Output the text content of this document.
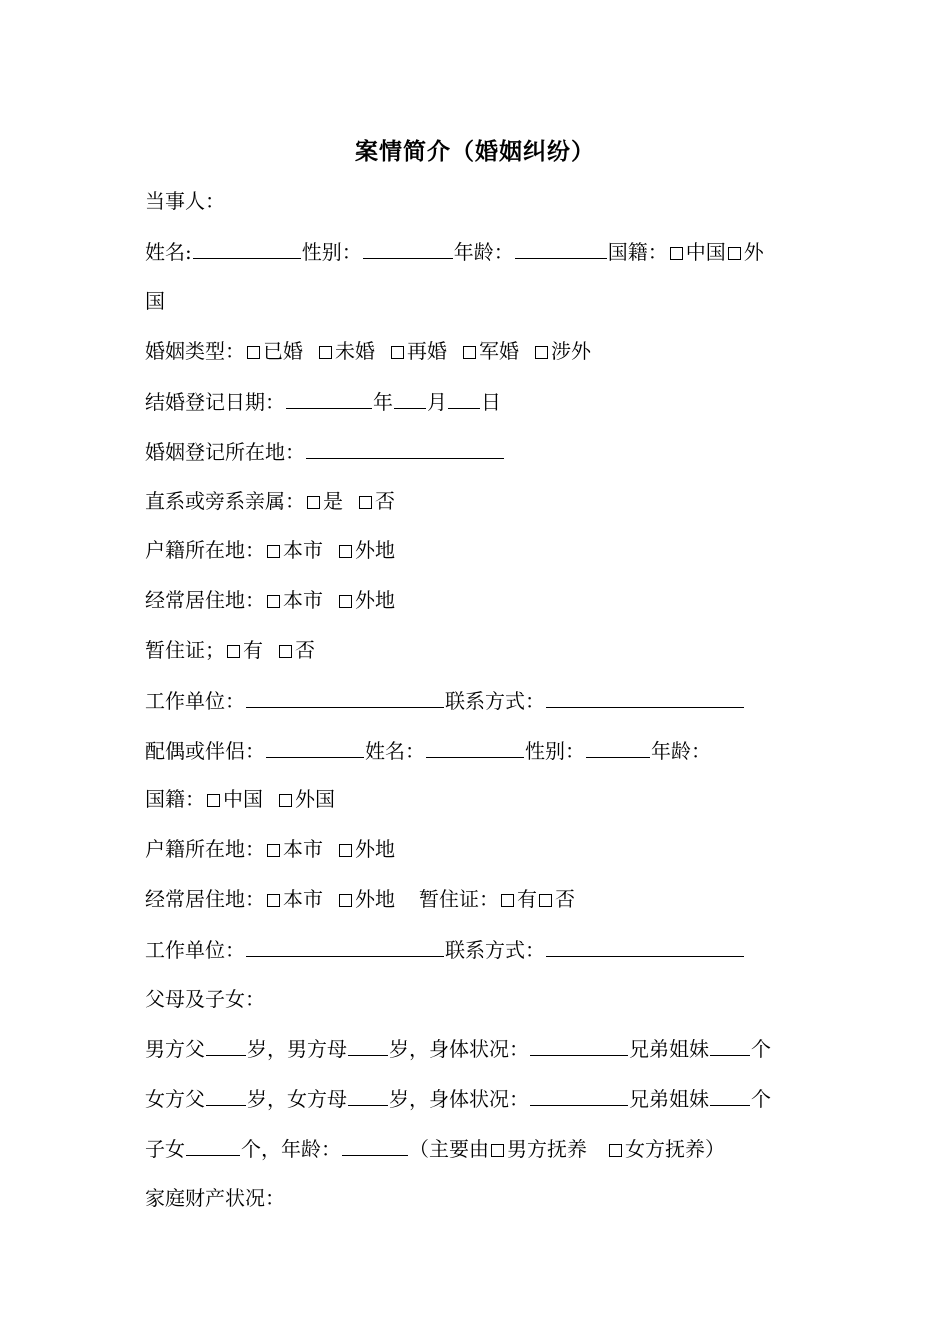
案情简介（婚姻纠纷）
当事人：
姓名:	性别：	年龄：	国籍： 中国 外
国
婚姻类型： 已婚 未婚 再婚 军婚 涉外
结婚登记日期：	年 月 日
婚姻登记所在地：
直系或旁系亲属： 是 否
户籍所在地： 本市 外地
经常居住地： 本市 外地
暂住证； 有 否
工作单位：	联系方式：
配偶或伴侣：	姓名：	性别：	年龄：
国籍： 中国 外国
户籍所在地： 本市 外地
经常居住地： 本市 外地 暂住证： 有 否
工作单位：	联系方式：
父母及子女：
男方父 岁，男方母 岁，身体状况：	兄弟姐妹 个
女方父 岁，女方母 岁，身体状况：	兄弟姐妹 个
子女	个，年龄：	（主要由 男方抚养 女方抚养）
家庭财产状况：
